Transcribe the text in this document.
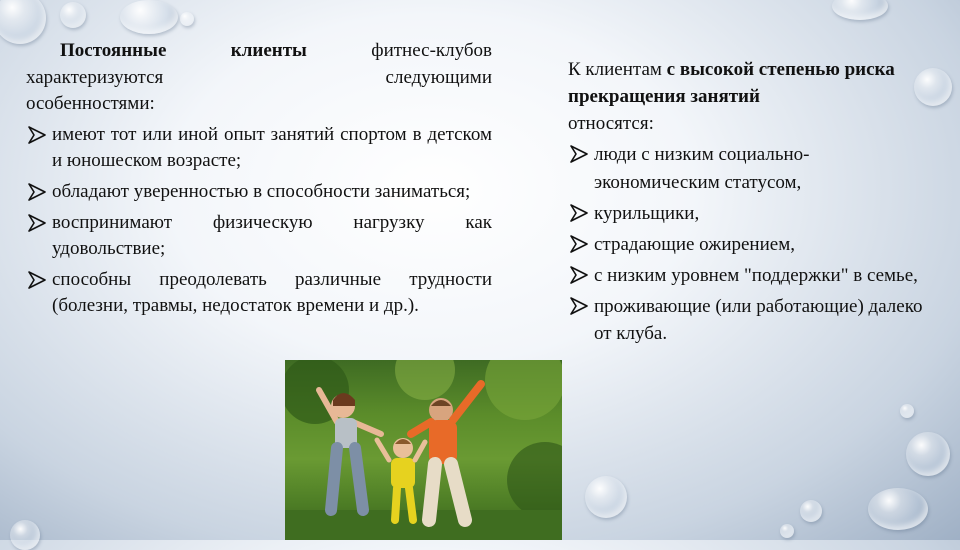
Постоянные клиенты фитнес-клубов характеризуются следующими

особенностями:

имеют тот или иной опыт занятий спортом в детском и юношеском возрасте;
обладают уверенностью в способности заниматься;
воспринимают физическую нагрузку как удовольствие;
способны преодолевать различные трудности (болезни, травмы, недостаток времени и др.).

К клиентам с высокой степенью риска прекращения занятий

относятся:

люди с низким социально-экономическим статусом,
курильщики,
страдающие ожирением,
с низким уровнем "поддержки" в семье,
проживающие (или работающие) далеко от клуба.
